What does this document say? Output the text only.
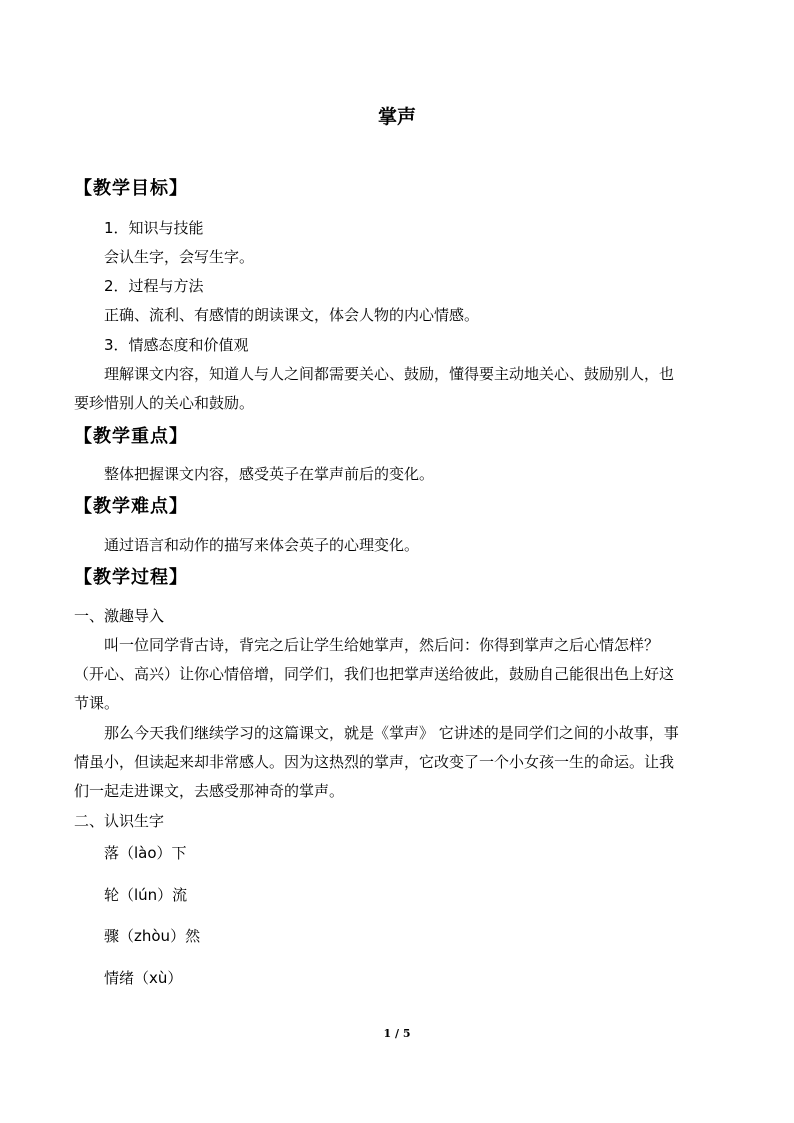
掌声
【教学目标】
1．知识与技能
会认生字，会写生字。
2．过程与方法
正确、流利、有感情的朗读课文，体会人物的内心情感。
3．情感态度和价值观
理解课文内容，知道人与人之间都需要关心、鼓励，懂得要主动地关心、鼓励别人，也
要珍惜别人的关心和鼓励。
【教学重点】
整体把握课文内容，感受英子在掌声前后的变化。
【教学难点】
通过语言和动作的描写来体会英子的心理变化。
【教学过程】
一、激趣导入
叫一位同学背古诗，背完之后让学生给她掌声，然后问：你得到掌声之后心情怎样？
（开心、高兴）让你心情倍增，同学们，我们也把掌声送给彼此，鼓励自己能很出色上好这
节课。
那么今天我们继续学习的这篇课文，就是《掌声》 它讲述的是同学们之间的小故事，事
情虽小，但读起来却非常感人。因为这热烈的掌声，它改变了一个小女孩一生的命运。让我
们一起走进课文，去感受那神奇的掌声。
二、认识生字
落（lào）下
轮（lún）流
骤（zhòu）然
情绪（xù）
1 / 5
